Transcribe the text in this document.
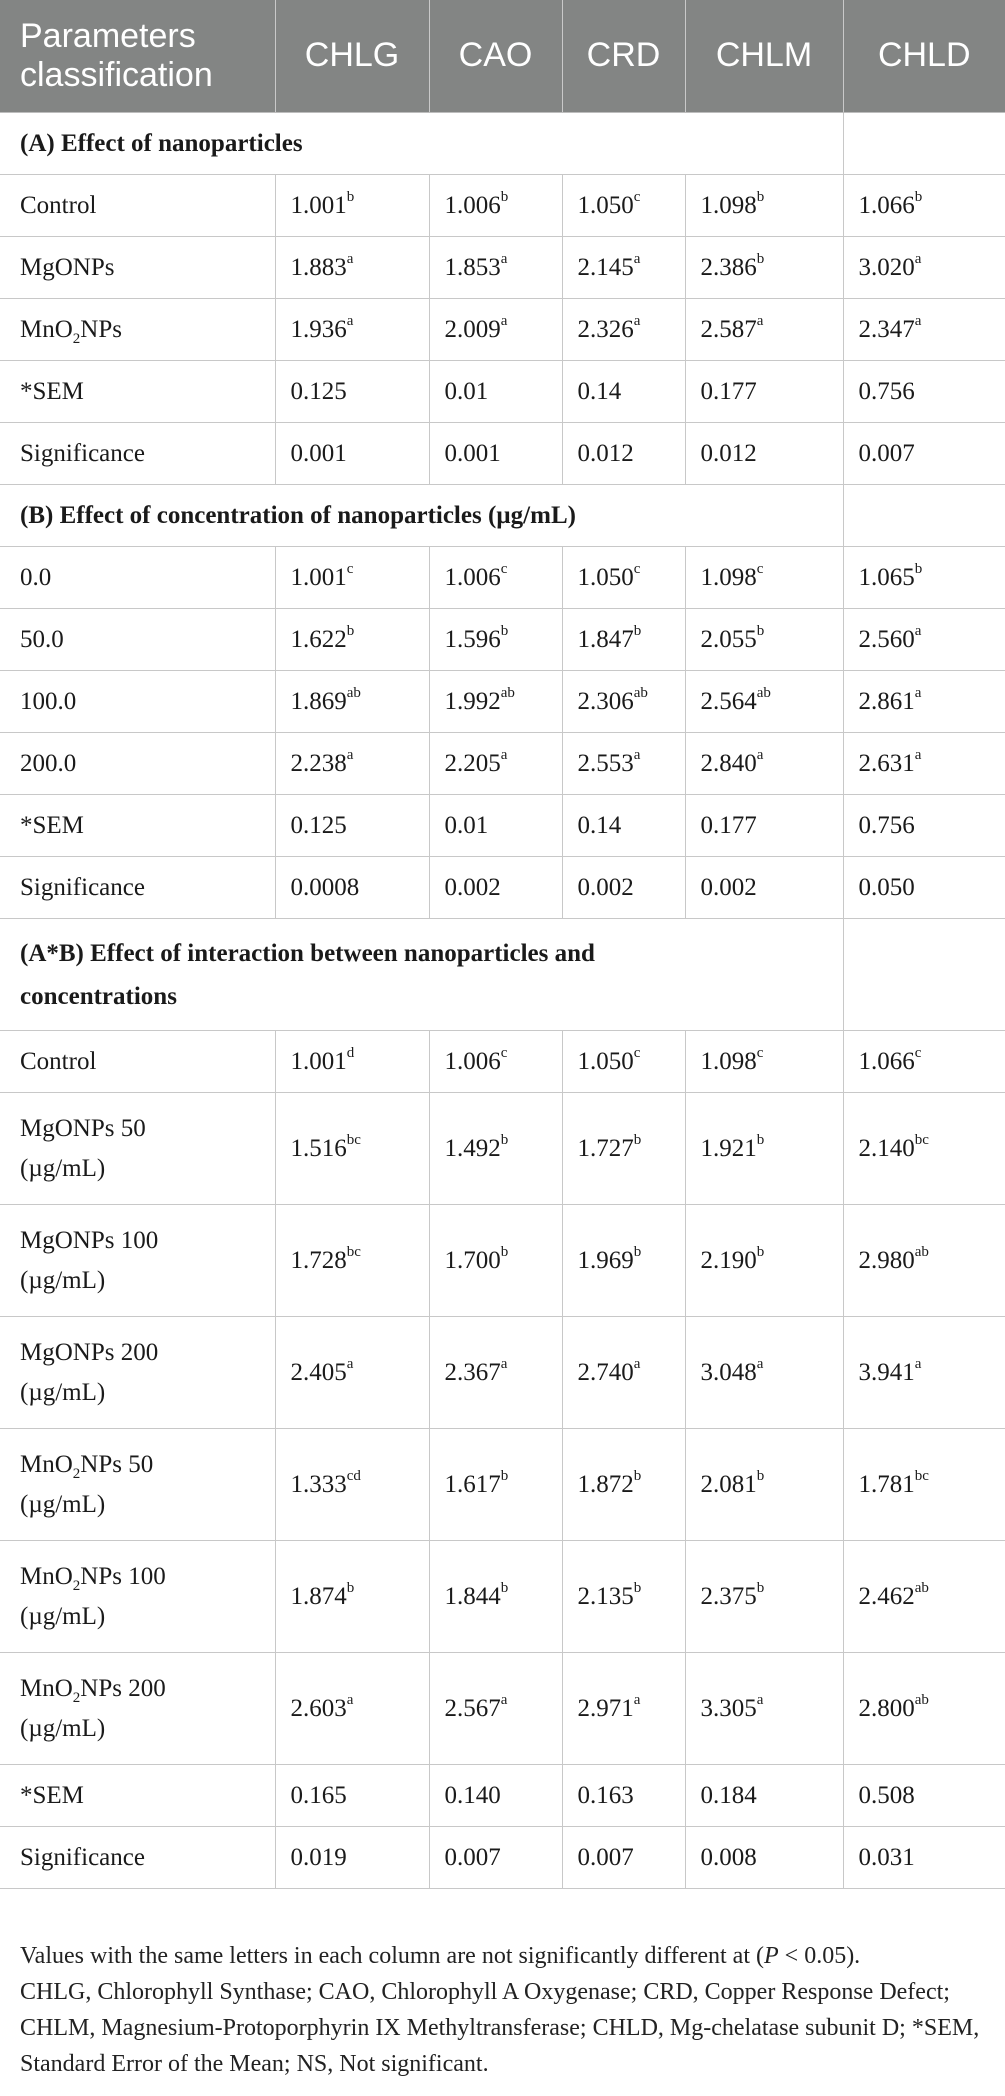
Parameters classification	CHLG	CAO	CRD	CHLM	CHLD
(A) Effect of nanoparticles					
Control	1.001$^b$	1.006$^b$	1.050$^c$	1.098$^b$	1.066$^b$
MgONPs	1.883$^a$	1.853$^a$	2.145$^a$	2.386$^b$	3.020$^a$
MnO$_2$NPs	1.936$^a$	2.009$^a$	2.326$^a$	2.587$^a$	2.347$^a$
*SEM	0.125	0.01	0.14	0.177	0.756
Significance	0.001	0.001	0.012	0.012	0.007
(B) Effect of concentration of nanoparticles (µg/mL)					
0.0	1.001$^c$	1.006$^c$	1.050$^c$	1.098$^c$	1.065$^b$
50.0	1.622$^b$	1.596$^b$	1.847$^b$	2.055$^b$	2.560$^a$
100.0	1.869$^{ab}$	1.992$^{ab}$	2.306$^{ab}$	2.564$^{ab}$	2.861$^a$
200.0	2.238$^a$	2.205$^a$	2.553$^a$	2.840$^a$	2.631$^a$
*SEM	0.125	0.01	0.14	0.177	0.756
Significance	0.0008	0.002	0.002	0.002	0.050
(A*B) Effect of interaction between nanoparticles and concentrations					
Control	1.001$^d$	1.006$^c$	1.050$^c$	1.098$^c$	1.066$^c$
MgONPs 50 (µg/mL)	1.516$^{bc}$	1.492$^b$	1.727$^b$	1.921$^b$	2.140$^{bc}$
MgONPs 100 (µg/mL)	1.728$^{bc}$	1.700$^b$	1.969$^b$	2.190$^b$	2.980$^{ab}$
MgONPs 200 (µg/mL)	2.405$^a$	2.367$^a$	2.740$^a$	3.048$^a$	3.941$^a$
MnO$_2$NPs 50 (µg/mL)	1.333$^{cd}$	1.617$^b$	1.872$^b$	2.081$^b$	1.781$^{bc}$
MnO$_2$NPs 100 (µg/mL)	1.874$^b$	1.844$^b$	2.135$^b$	2.375$^b$	2.462$^{ab}$
MnO$_2$NPs 200 (µg/mL)	2.603$^a$	2.567$^a$	2.971$^a$	3.305$^a$	2.800$^{ab}$
*SEM	0.165	0.140	0.163	0.184	0.508
Significance	0.019	0.007	0.007	0.008	0.031

Values with the same letters in each column are not significantly different at (P < 0.05).

CHLG, Chlorophyll Synthase; CAO, Chlorophyll A Oxygenase; CRD, Copper Response Defect; CHLM, Magnesium-Protoporphyrin IX Methyltransferase; CHLD, Mg-chelatase subunit D; *SEM, Standard Error of the Mean; NS, Not significant.
